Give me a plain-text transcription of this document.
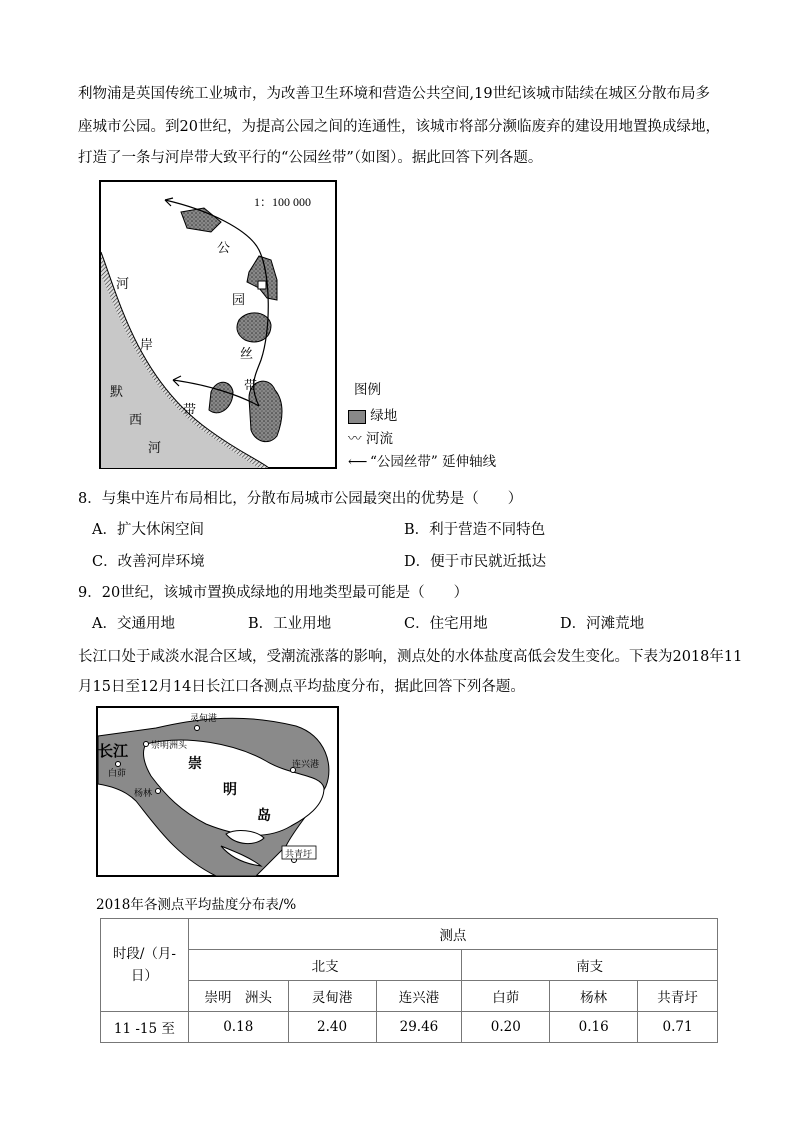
利物浦是英国传统工业城市，为改善卫生环境和营造公共空间,19世纪该城市陆续在城区分散布局多
座城市公园。到20世纪，为提高公园之间的连通性，该城市将部分濒临废弃的建设用地置换成绿地，
打造了一条与河岸带大致平行的“公园丝带”（如图）。据此回答下列各题。
1：100 000
公
园
丝
带
带
河
岸
默
西
河
图例
绿地
〰 河流
⟵ “公园丝带” 延伸轴线
8．与集中连片布局相比，分散布局城市公园最突出的优势是（　　）
A．扩大休闲空间	B．利于营造不同特色
C．改善河岸环境	D．便于市民就近抵达
9．20世纪，该城市置换成绿地的用地类型最可能是（　　）
A．交通用地	B．工业用地	C．住宅用地	D．河滩荒地
长江口处于咸淡水混合区域，受潮流涨落的影响，测点处的水体盐度高低会发生变化。下表为2018年11
月15日至12月14日长江口各测点平均盐度分布，据此回答下列各题。
灵甸港
崇明洲头
白茆
杨林
连兴港
共青圩
长江
崇
明
岛
2018年各测点平均盐度分布表/%
时段/（月-
日）	测点					
	北支			南支		
	崇明　洲头	灵甸港	连兴港	白茆	杨林	共青圩
11 -15 至	0.18	2.40	29.46	0.20	0.16	0.71
